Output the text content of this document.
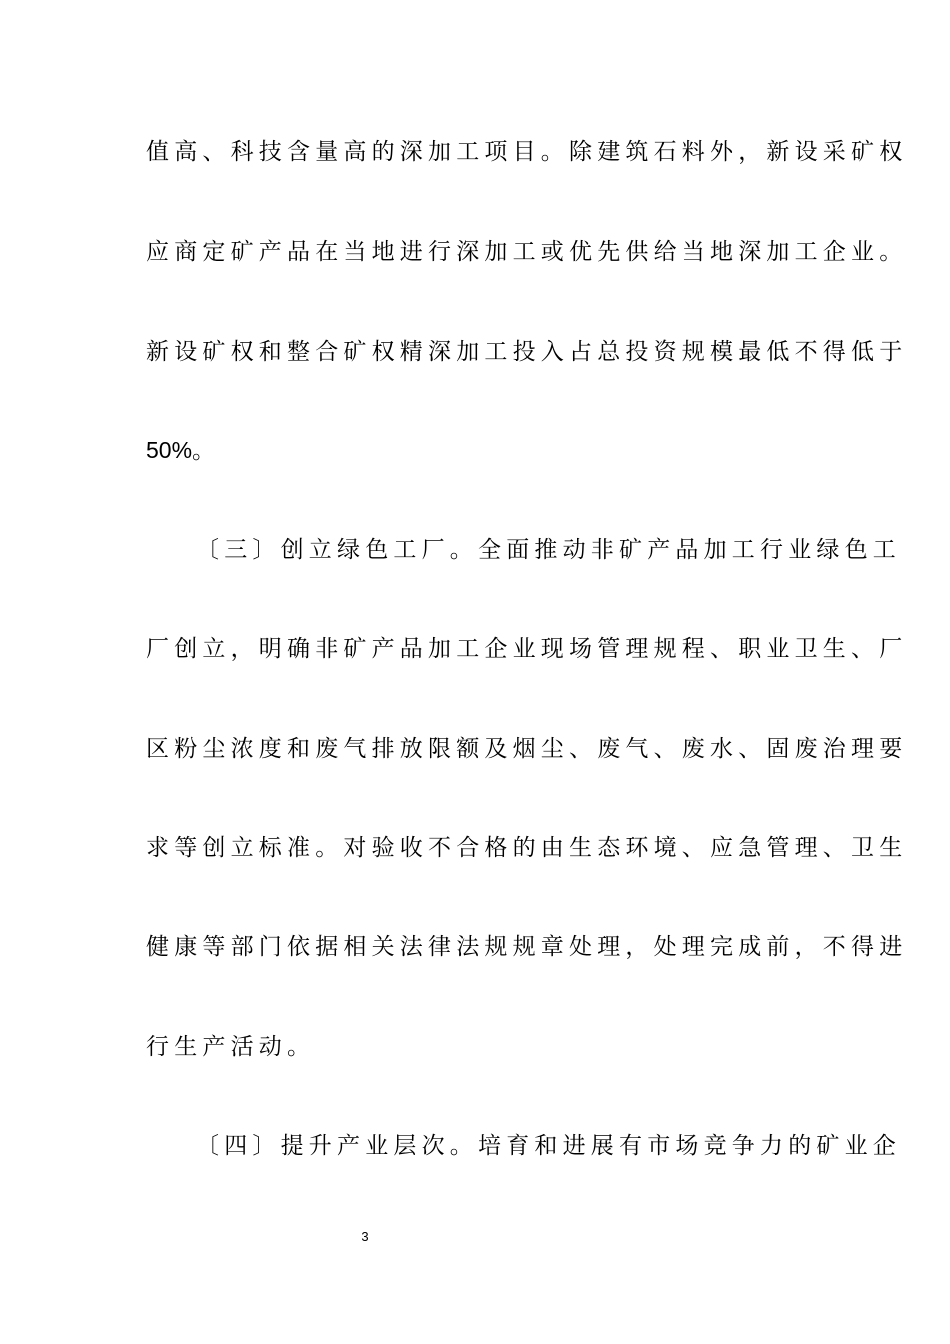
值高、科技含量高的深加工项目。除建筑石料外，新设采矿权
应商定矿产品在当地进行深加工或优先供给当地深加工企业。
新设矿权和整合矿权精深加工投入占总投资规模最低不得低于
50%。
〔三〕创立绿色工厂。全面推动非矿产品加工行业绿色工
厂创立，明确非矿产品加工企业现场管理规程、职业卫生、厂
区粉尘浓度和废气排放限额及烟尘、废气、废水、固废治理要
求等创立标准。对验收不合格的由生态环境、应急管理、卫生
健康等部门依据相关法律法规规章处理，处理完成前，不得进
行生产活动。
〔四〕提升产业层次。培育和进展有市场竞争力的矿业企
3
